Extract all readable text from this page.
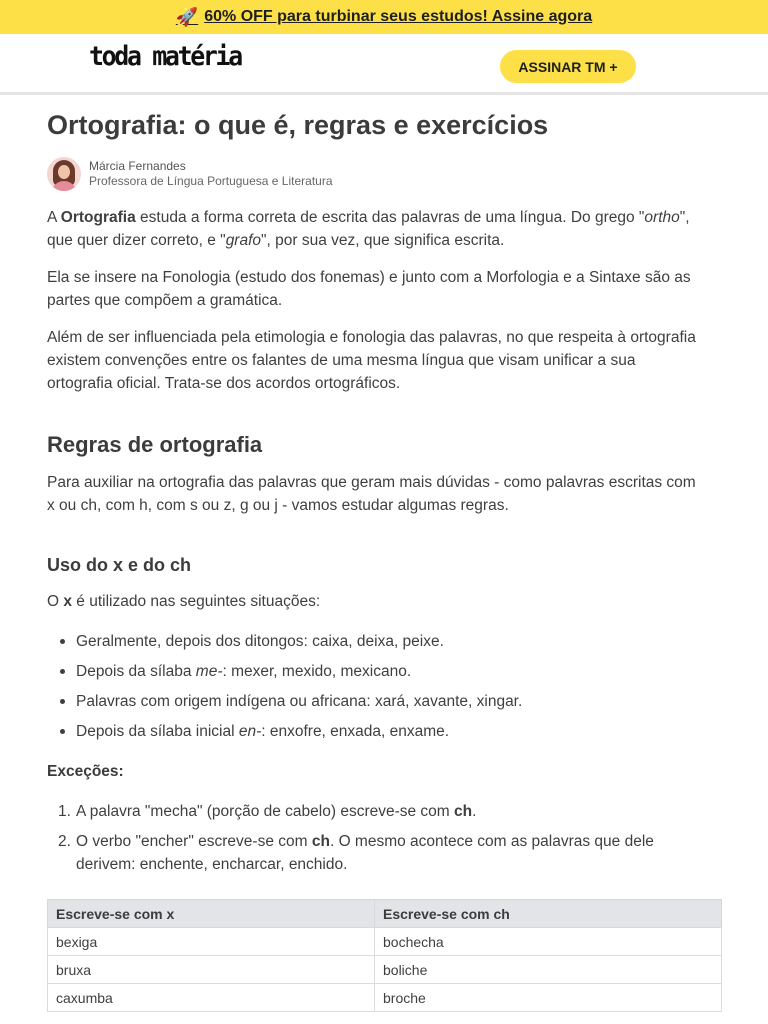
🚀 60% OFF para turbinar seus estudos! Assine agora
toda matéria	ASSINAR TM +
Ortografia: o que é, regras e exercícios
Márcia Fernandes
Professora de Língua Portuguesa e Literatura
A Ortografia estuda a forma correta de escrita das palavras de uma língua. Do grego "ortho",
que quer dizer correto, e "grafo", por sua vez, que significa escrita.
Ela se insere na Fonologia (estudo dos fonemas) e junto com a Morfologia e a Sintaxe são as
partes que compõem a gramática.
Além de ser influenciada pela etimologia e fonologia das palavras, no que respeita à ortografia
existem convenções entre os falantes de uma mesma língua que visam unificar a sua
ortografia oficial. Trata-se dos acordos ortográficos.
Regras de ortografia
Para auxiliar na ortografia das palavras que geram mais dúvidas - como palavras escritas com
x ou ch, com h, com s ou z, g ou j - vamos estudar algumas regras.
Uso do x e do ch
O x é utilizado nas seguintes situações:
Geralmente, depois dos ditongos: caixa, deixa, peixe.
Depois da sílaba me-: mexer, mexido, mexicano.
Palavras com origem indígena ou africana: xará, xavante, xingar.
Depois da sílaba inicial en-: enxofre, enxada, enxame.
Exceções:
1. A palavra "mecha" (porção de cabelo) escreve-se com ch.
2. O verbo "encher" escreve-se com ch. O mesmo acontece com as palavras que dele
derivem: enchente, encharcar, enchido.
Escreve-se com x	Escreve-se com ch
bexiga	bochecha
bruxa	boliche
caxumba	broche
